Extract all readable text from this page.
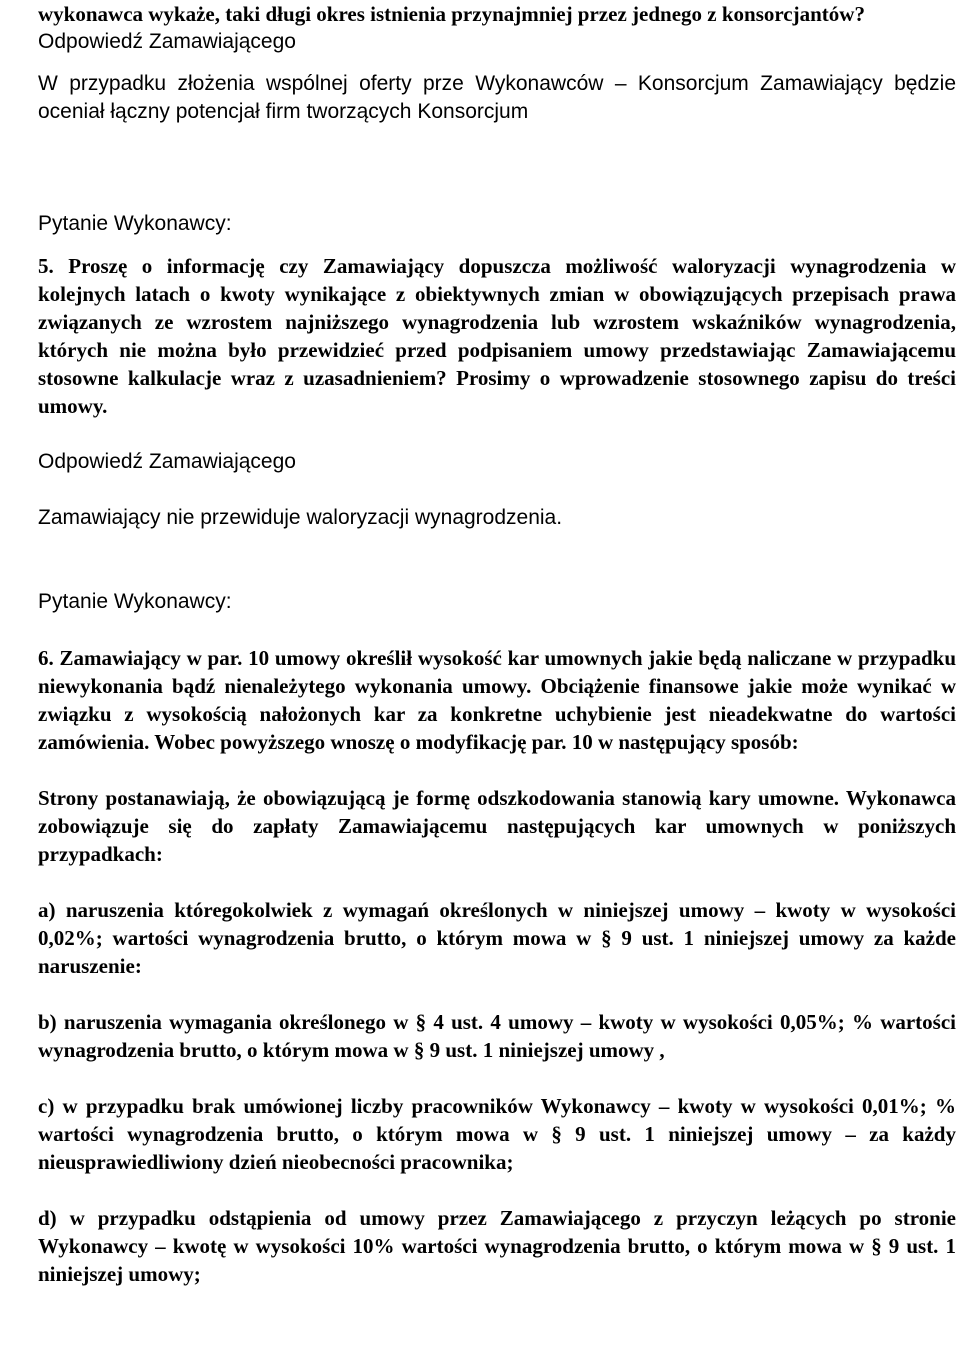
wykonawca wykaże, taki długi okres istnienia przynajmniej przez jednego z konsorcjantów?

Odpowiedź Zamawiającego

W przypadku złożenia wspólnej oferty prze Wykonawców – Konsorcjum Zamawiający będzie oceniał łączny potencjał firm tworzących Konsorcjum

Pytanie Wykonawcy:

5. Proszę o informację czy Zamawiający dopuszcza możliwość waloryzacji wynagrodzenia w kolejnych latach o kwoty wynikające z obiektywnych zmian w obowiązujących przepisach prawa związanych ze wzrostem najniższego wynagrodzenia lub wzrostem wskaźników wynagrodzenia, których nie można było przewidzieć przed podpisaniem umowy przedstawiając Zamawiającemu stosowne kalkulacje wraz z uzasadnieniem? Prosimy o wprowadzenie stosownego zapisu do treści umowy.

Odpowiedź Zamawiającego

Zamawiający nie przewiduje waloryzacji wynagrodzenia.

Pytanie Wykonawcy:

6. Zamawiający w par. 10 umowy określił wysokość kar umownych jakie będą naliczane w przypadku niewykonania bądź nienależytego wykonania umowy. Obciążenie finansowe jakie może wynikać w związku z wysokością nałożonych kar za konkretne uchybienie jest nieadekwatne do wartości zamówienia. Wobec powyższego wnoszę o modyfikację par. 10 w następujący sposób:

Strony postanawiają, że obowiązującą je formę odszkodowania stanowią kary umowne. Wykonawca zobowiązuje się do zapłaty Zamawiającemu następujących kar umownych w poniższych przypadkach:

a) naruszenia któregokolwiek z wymagań określonych w niniejszej umowy – kwoty w wysokości 0,02%; wartości wynagrodzenia brutto, o którym mowa w § 9 ust. 1 niniejszej umowy za każde naruszenie:

b) naruszenia wymagania określonego w § 4 ust. 4 umowy – kwoty w wysokości 0,05%; % wartości wynagrodzenia brutto, o którym mowa w § 9 ust. 1 niniejszej umowy ,

c) w przypadku brak umówionej liczby pracowników Wykonawcy – kwoty w wysokości 0,01%; % wartości wynagrodzenia brutto, o którym mowa w § 9 ust. 1 niniejszej umowy – za każdy nieusprawiedliwiony dzień nieobecności pracownika;

d) w przypadku odstąpienia od umowy przez Zamawiającego z przyczyn leżących po stronie Wykonawcy – kwotę w wysokości 10% wartości wynagrodzenia brutto, o którym mowa w § 9 ust. 1 niniejszej umowy;
